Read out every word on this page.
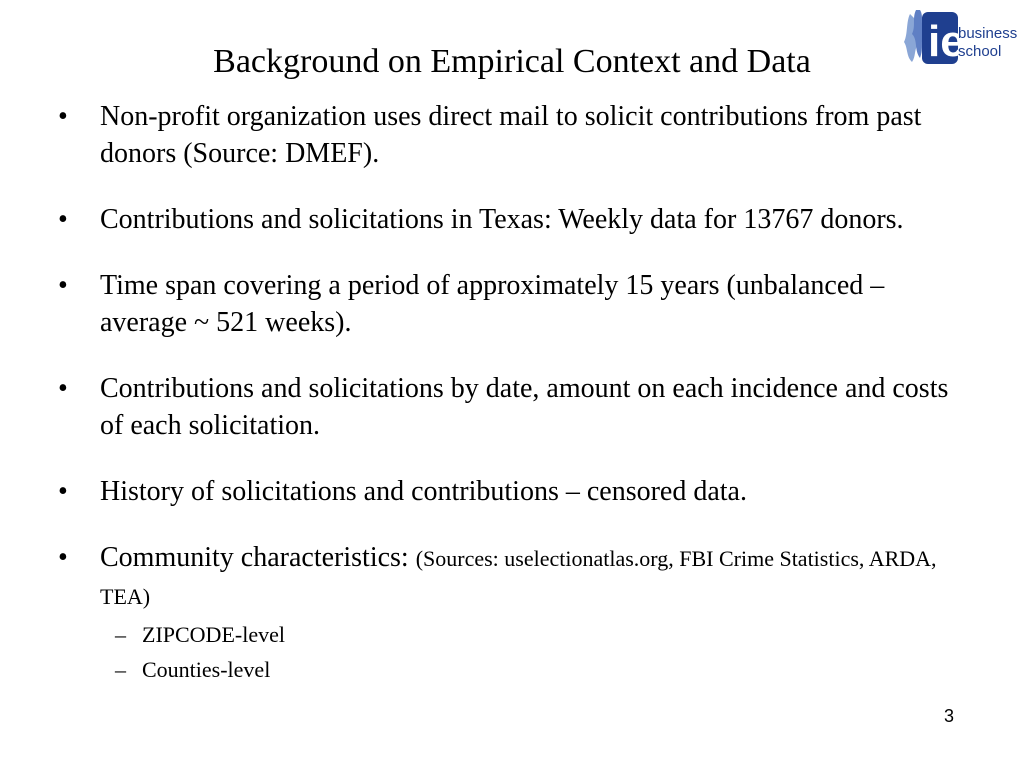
Background on Empirical Context and Data	ie
business
school
• Non-profit organization uses direct mail to solicit contributions from past donors (Source: DMEF).
• Contributions and solicitations in Texas: Weekly data for 13767 donors.
• Time span covering a period of approximately 15 years (unbalanced – average ~ 521 weeks).
• Contributions and solicitations by date, amount on each incidence and costs of each solicitation.
• History of solicitations and contributions – censored data.
• Community characteristics: (Sources: uselectionatlas.org, FBI Crime Statistics, ARDA, TEA)
– ZIPCODE-level
– Counties-level
3
